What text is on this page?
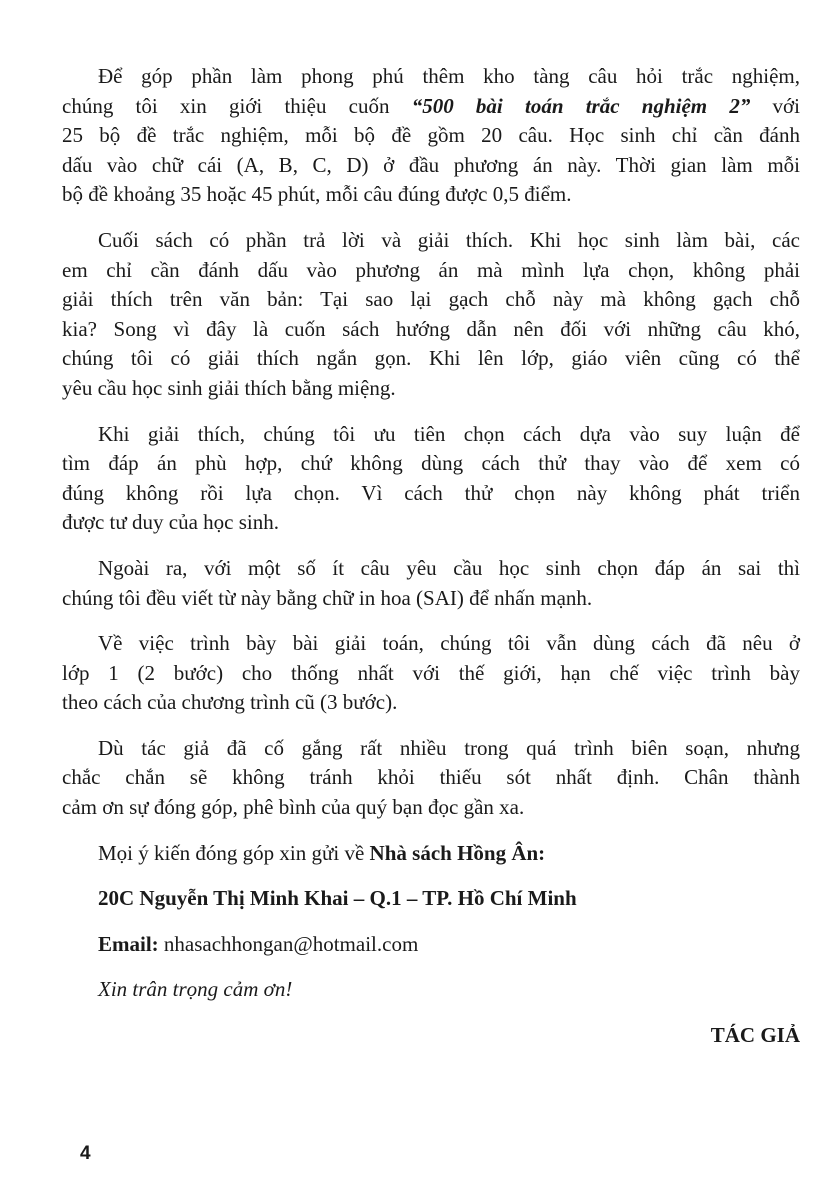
Để góp phần làm phong phú thêm kho tàng câu hỏi trắc nghiệm,
chúng tôi xin giới thiệu cuốn “500 bài toán trắc nghiệm 2” với
25 bộ đề trắc nghiệm, mỗi bộ đề gồm 20 câu. Học sinh chỉ cần đánh
dấu vào chữ cái (A, B, C, D) ở đầu phương án này. Thời gian làm mỗi
bộ đề khoảng 35 hoặc 45 phút, mỗi câu đúng được 0,5 điểm.
Cuối sách có phần trả lời và giải thích. Khi học sinh làm bài, các
em chỉ cần đánh dấu vào phương án mà mình lựa chọn, không phải
giải thích trên văn bản: Tại sao lại gạch chỗ này mà không gạch chỗ
kia? Song vì đây là cuốn sách hướng dẫn nên đối với những câu khó,
chúng tôi có giải thích ngắn gọn. Khi lên lớp, giáo viên cũng có thể
yêu cầu học sinh giải thích bằng miệng.
Khi giải thích, chúng tôi ưu tiên chọn cách dựa vào suy luận để
tìm đáp án phù hợp, chứ không dùng cách thử thay vào để xem có
đúng không rồi lựa chọn. Vì cách thử chọn này không phát triển
được tư duy của học sinh.
Ngoài ra, với một số ít câu yêu cầu học sinh chọn đáp án sai thì
chúng tôi đều viết từ này bằng chữ in hoa (SAI) để nhấn mạnh.
Về việc trình bày bài giải toán, chúng tôi vẫn dùng cách đã nêu ở
lớp 1 (2 bước) cho thống nhất với thế giới, hạn chế việc trình bày
theo cách của chương trình cũ (3 bước).
Dù tác giả đã cố gắng rất nhiều trong quá trình biên soạn, nhưng
chắc chắn sẽ không tránh khỏi thiếu sót nhất định. Chân thành
cảm ơn sự đóng góp, phê bình của quý bạn đọc gần xa.
Mọi ý kiến đóng góp xin gửi về Nhà sách Hồng Ân:
20C Nguyễn Thị Minh Khai – Q.1 – TP. Hồ Chí Minh
Email: nhasachhongan@hotmail.com
Xin trân trọng cảm ơn!
TÁC GIẢ
4
